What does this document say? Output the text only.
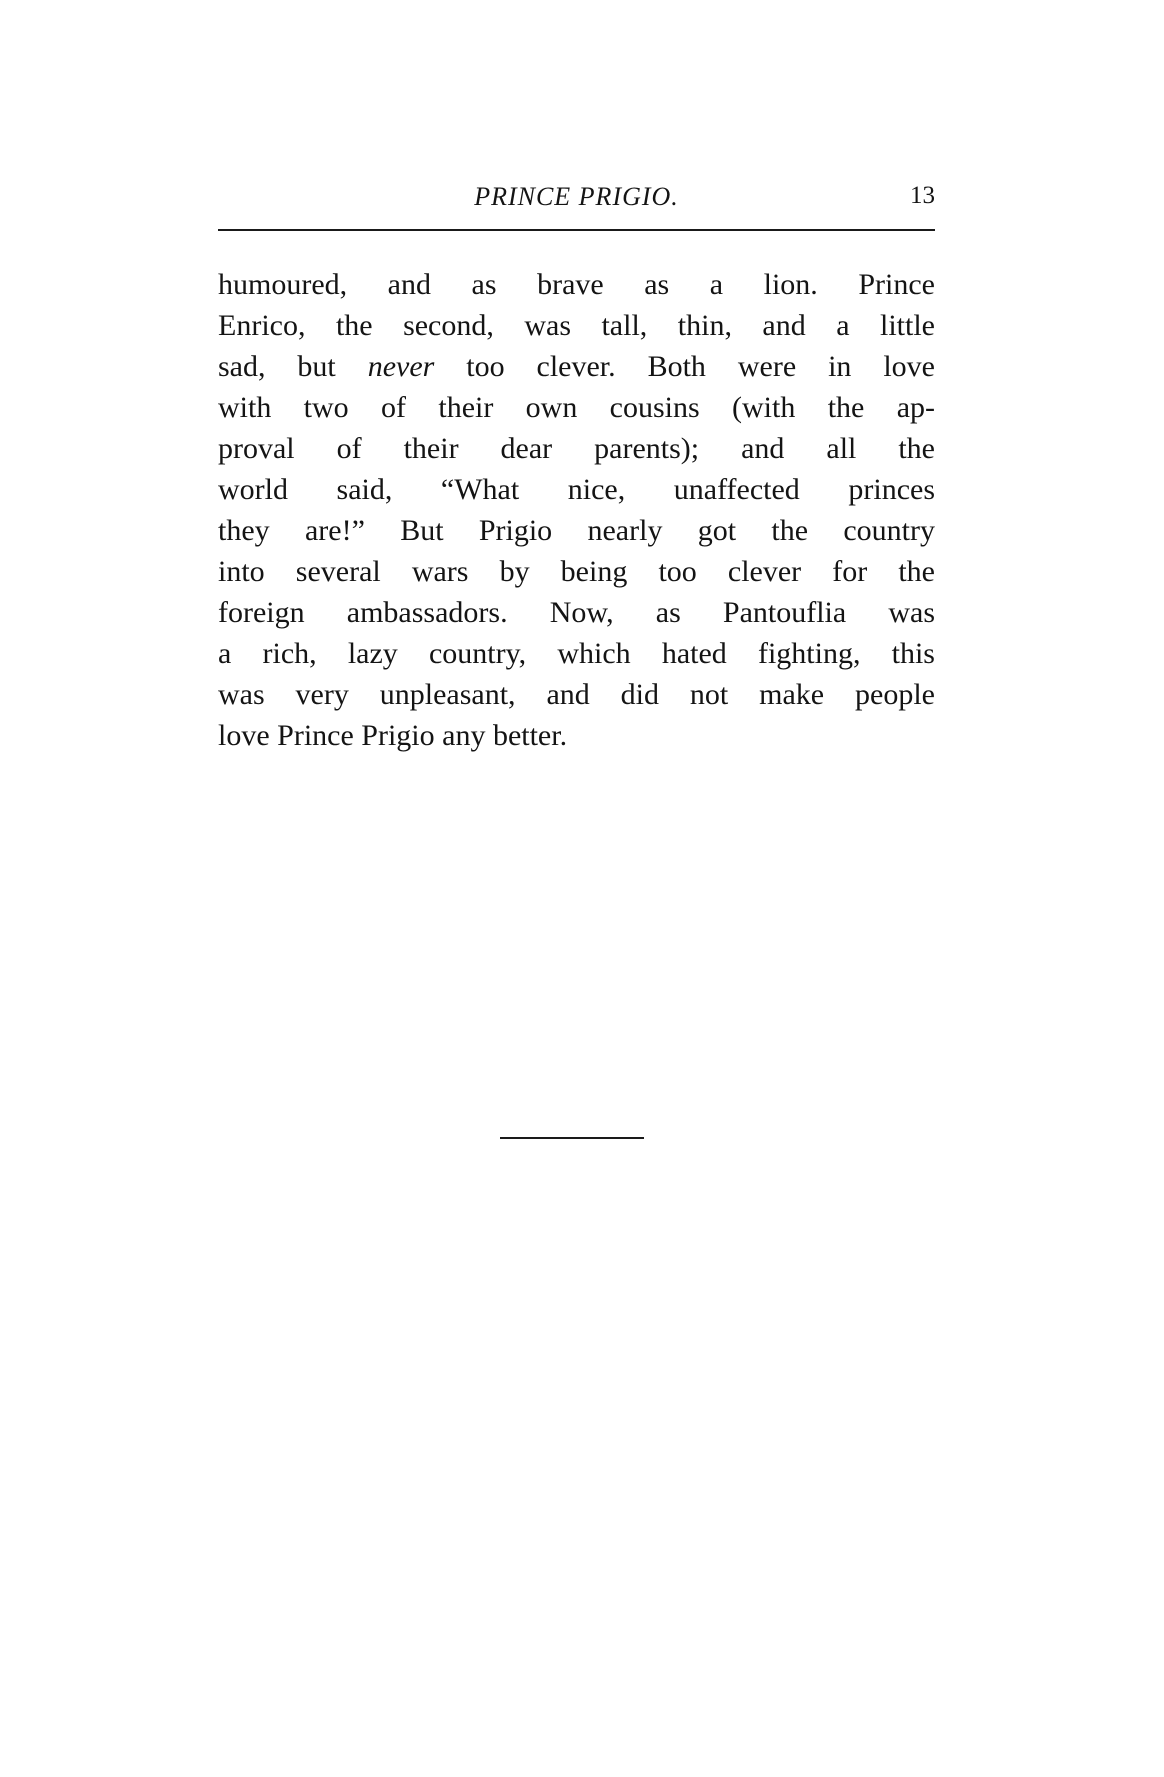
PRINCE PRIGIO.	13
humoured, and as brave as a lion. Prince
Enrico, the second, was tall, thin, and a little
sad, but never too clever. Both were in love
with two of their own cousins (with the ap-
proval of their dear parents); and all the
world said, “What nice, unaffected princes
they are!” But Prigio nearly got the country
into several wars by being too clever for the
foreign ambassadors. Now, as Pantouflia was
a rich, lazy country, which hated fighting, this
was very unpleasant, and did not make people
love Prince Prigio any better.
